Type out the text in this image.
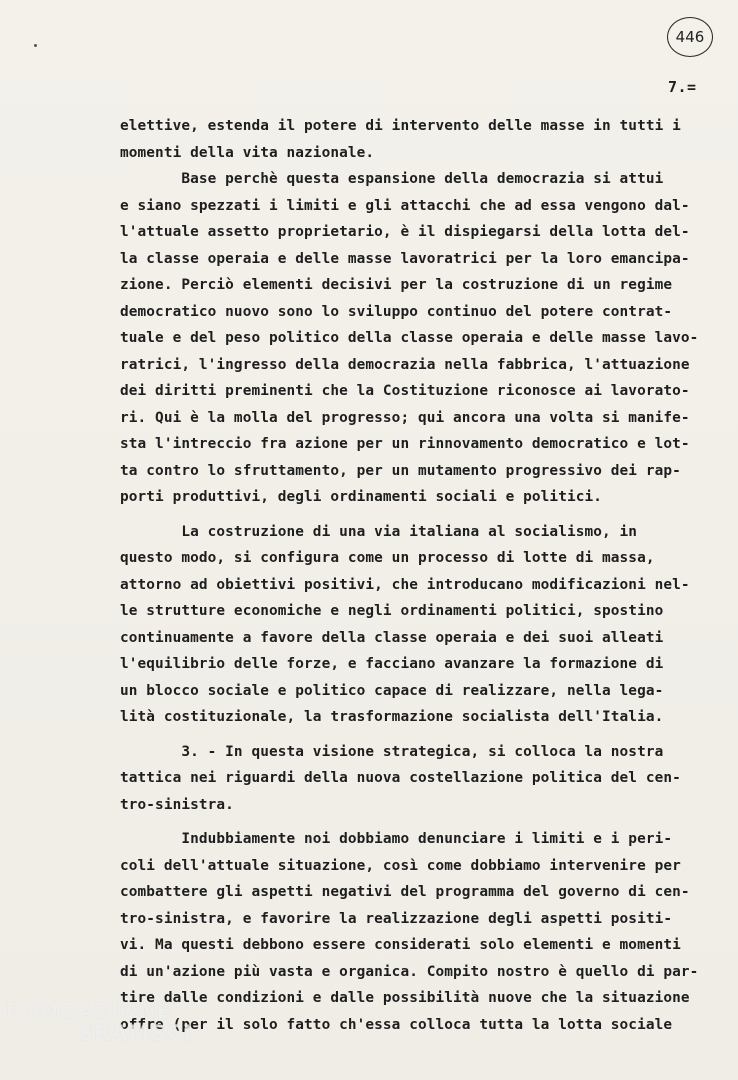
446
7.=
elettive, estenda il potere di intervento delle masse in tutti i
momenti della vita nazionale.
Base perchè questa espansione della democrazia si attui
e siano spezzati i limiti e gli attacchi che ad essa vengono dal-
l'attuale assetto proprietario, è il dispiegarsi della lotta del-
la classe operaia e delle masse lavoratrici per la loro emancipa-
zione. Perciò elementi decisivi per la costruzione di un regime
democratico nuovo sono lo sviluppo continuo del potere contrat-
tuale e del peso politico della classe operaia e delle masse lavo-
ratrici, l'ingresso della democrazia nella fabbrica, l'attuazione
dei diritti preminenti che la Costituzione riconosce ai lavorato-
ri. Qui è la molla del progresso; qui ancora una volta si manife-
sta l'intreccio fra azione per un rinnovamento democratico e lot-
ta contro lo sfruttamento, per un mutamento progressivo dei rap-
porti produttivi, degli ordinamenti sociali e politici.
La costruzione di una via italiana al socialismo, in
questo modo, si configura come un processo di lotte di massa,
attorno ad obiettivi positivi, che introducano modificazioni nel-
le strutture economiche e negli ordinamenti politici, spostino
continuamente a favore della classe operaia e dei suoi alleati
l'equilibrio delle forze, e facciano avanzare la formazione di
un blocco sociale e politico capace di realizzare, nella lega-
lità costituzionale, la trasformazione socialista dell'Italia.
3. - In questa visione strategica, si colloca la nostra
tattica nei riguardi della nuova costellazione politica del cen-
tro-sinistra.
Indubbiamente noi dobbiamo denunciare i limiti e i peri-
coli dell'attuale situazione, così come dobbiamo intervenire per
combattere gli aspetti negativi del programma del governo di cen-
tro-sinistra, e favorire la realizzazione degli aspetti positi-
vi. Ma questi debbono essere considerati solo elementi e momenti
di un'azione più vasta e organica. Compito nostro è quello di par-
tire dalle condizioni e dalle possibilità nuove che la situazione
offre (per il solo fatto ch'essa colloca tutta la lotta sociale
FONDAZIONE
GRAMSCI
